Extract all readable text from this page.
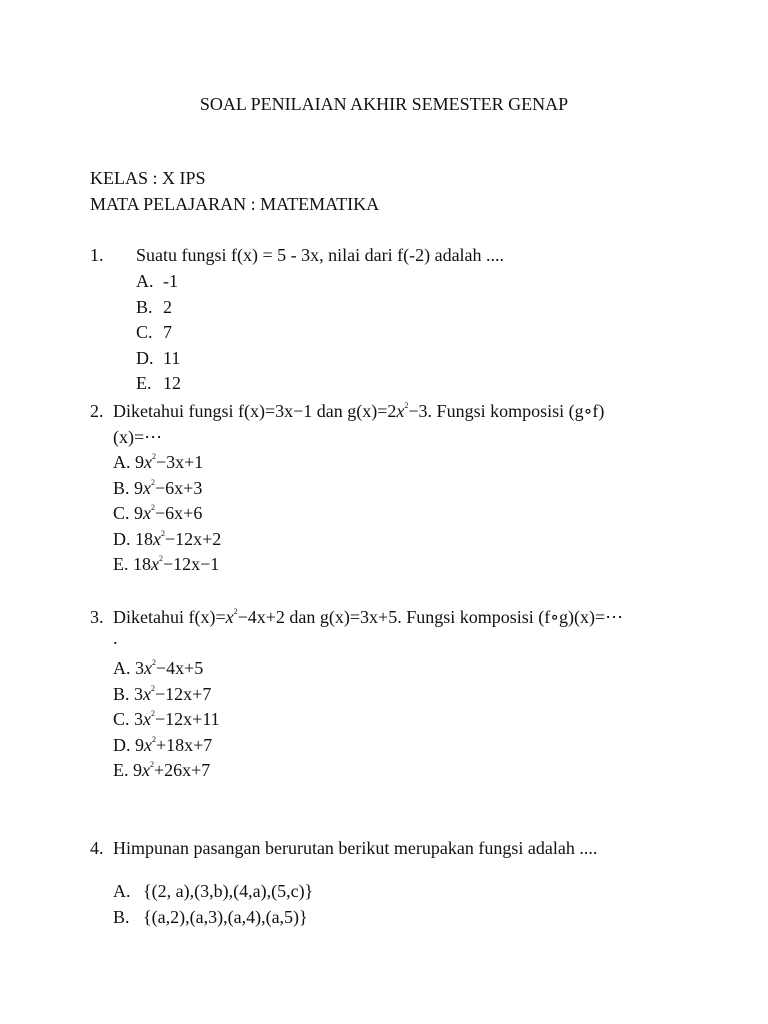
SOAL PENILAIAN AKHIR SEMESTER GENAP
KELAS : X IPS
MATA PELAJARAN : MATEMATIKA
1. Suatu fungsi f(x) = 5 - 3x, nilai dari f(-2) adalah ....
A. -1
B. 2
C. 7
D. 11
E. 12
2. Diketahui fungsi f(x)=3x−1 dan $g(x)=2x^2-3$. Fungsi komposisi (g∘f)
(x)=⋯
A. $9x^2-3x+1$
B. $9x^2-6x+3$
C. $9x^2-6x+6$
D. $18x^2-12x+2$
E. $18x^2-12x-1$
3. Diketahui $f(x)=x^2-4x+2$ dan g(x)=3x+5. Fungsi komposisi (f∘g)(x)=⋯
.
A. $3x^2-4x+5$
B. $3x^2-12x+7$
C. $3x^2-12x+11$
D. $9x^2+18x+7$
E. $9x^2+26x+7$
4. Himpunan pasangan berurutan berikut merupakan fungsi adalah ....
A. {(2, a),(3,b),(4,a),(5,c)}
B. {(a,2),(a,3),(a,4),(a,5)}
